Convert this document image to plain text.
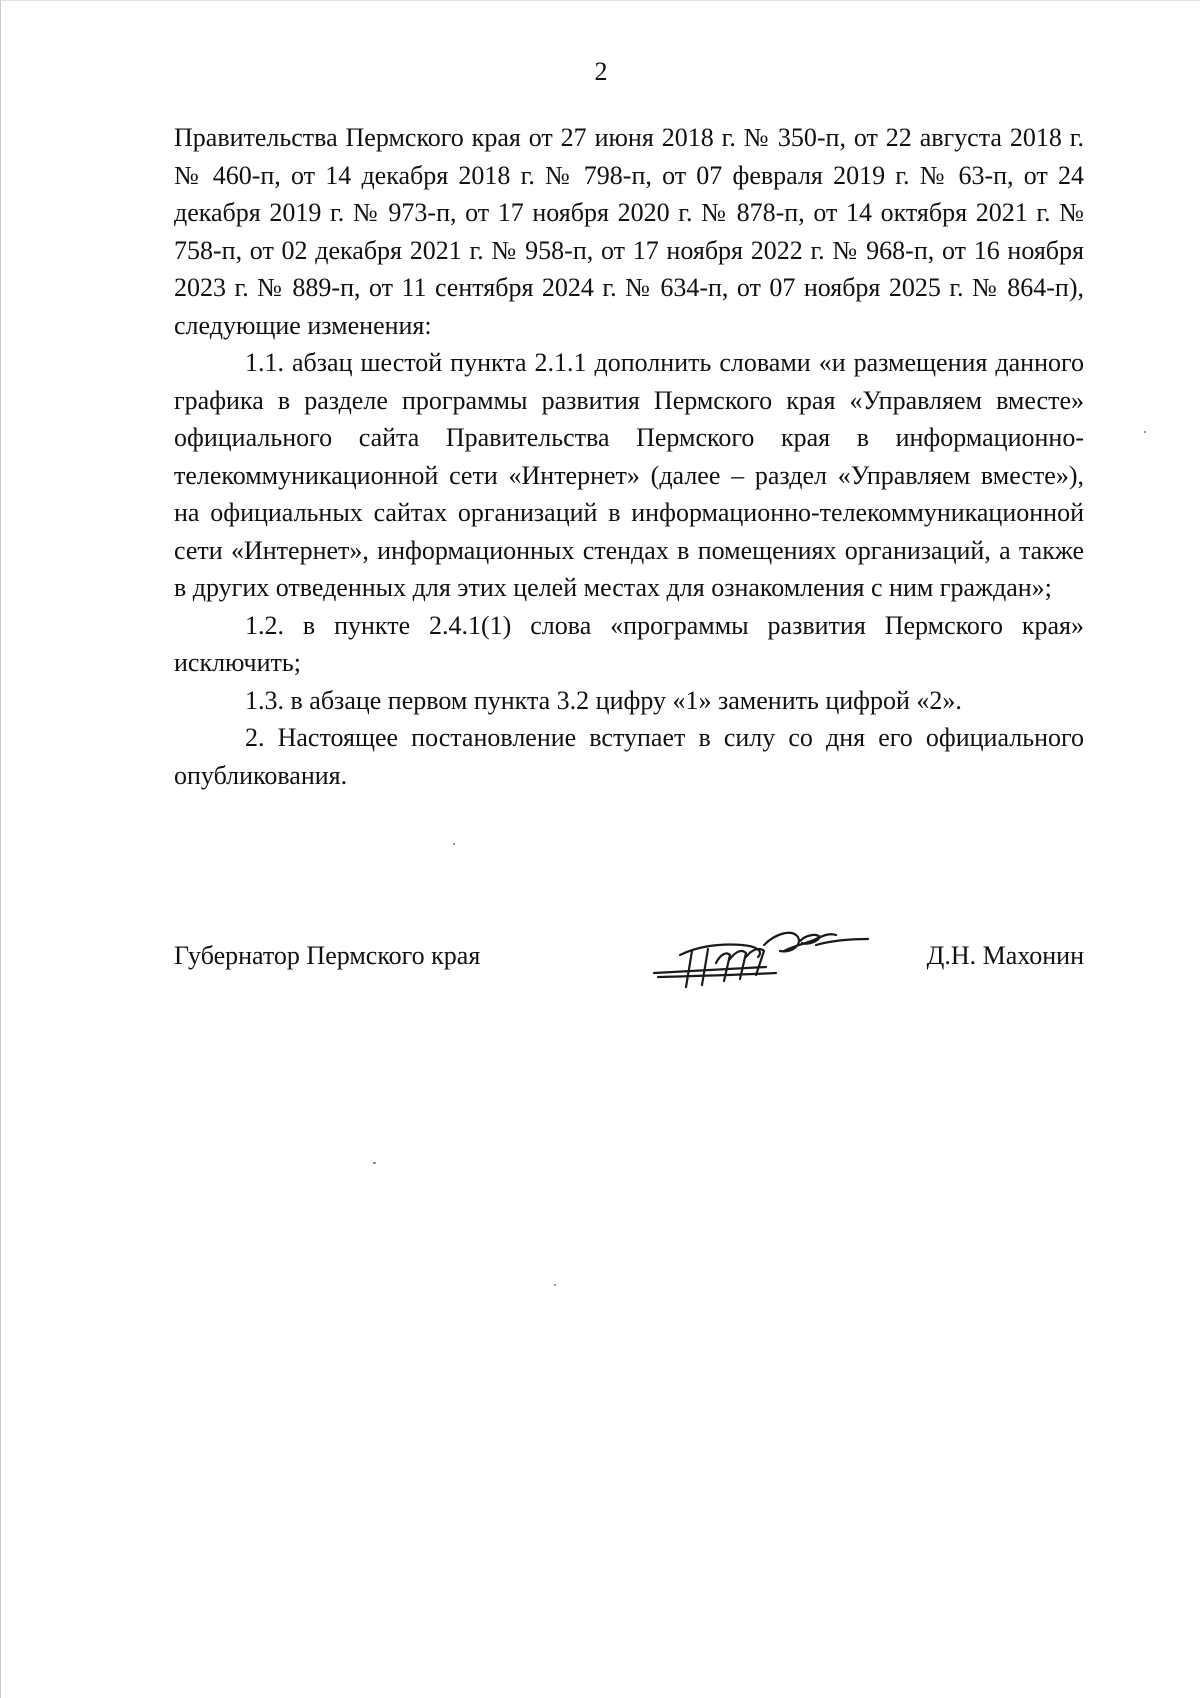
2

Правительства Пермского края от 27 июня 2018 г. № 350-п, от 22 августа 2018 г. № 460-п, от 14 декабря 2018 г. № 798-п, от 07 февраля 2019 г. № 63-п, от 24 декабря 2019 г. № 973-п, от 17 ноября 2020 г. № 878-п, от 14 октября 2021 г. № 758-п, от 02 декабря 2021 г. № 958-п, от 17 ноября 2022 г. № 968-п, от 16 ноября 2023 г. № 889-п, от 11 сентября 2024 г. № 634-п, от 07 ноября 2025 г. № 864-п), следующие изменения:

1.1. абзац шестой пункта 2.1.1 дополнить словами «и размещения данного графика в разделе программы развития Пермского края «Управляем вместе» официального сайта Правительства Пермского края в информационно-телекоммуникационной сети «Интернет» (далее – раздел «Управляем вместе»), на официальных сайтах организаций в информационно-телекоммуникационной сети «Интернет», информационных стендах в помещениях организаций, а также в других отведенных для этих целей местах для ознакомления с ним граждан»;

1.2. в пункте 2.4.1(1) слова «программы развития Пермского края» исключить;

1.3. в абзаце первом пункта 3.2 цифру «1» заменить цифрой «2».

2. Настоящее постановление вступает в силу со дня его официального опубликования.

Губернатор Пермского края	Д.Н. Махонин
